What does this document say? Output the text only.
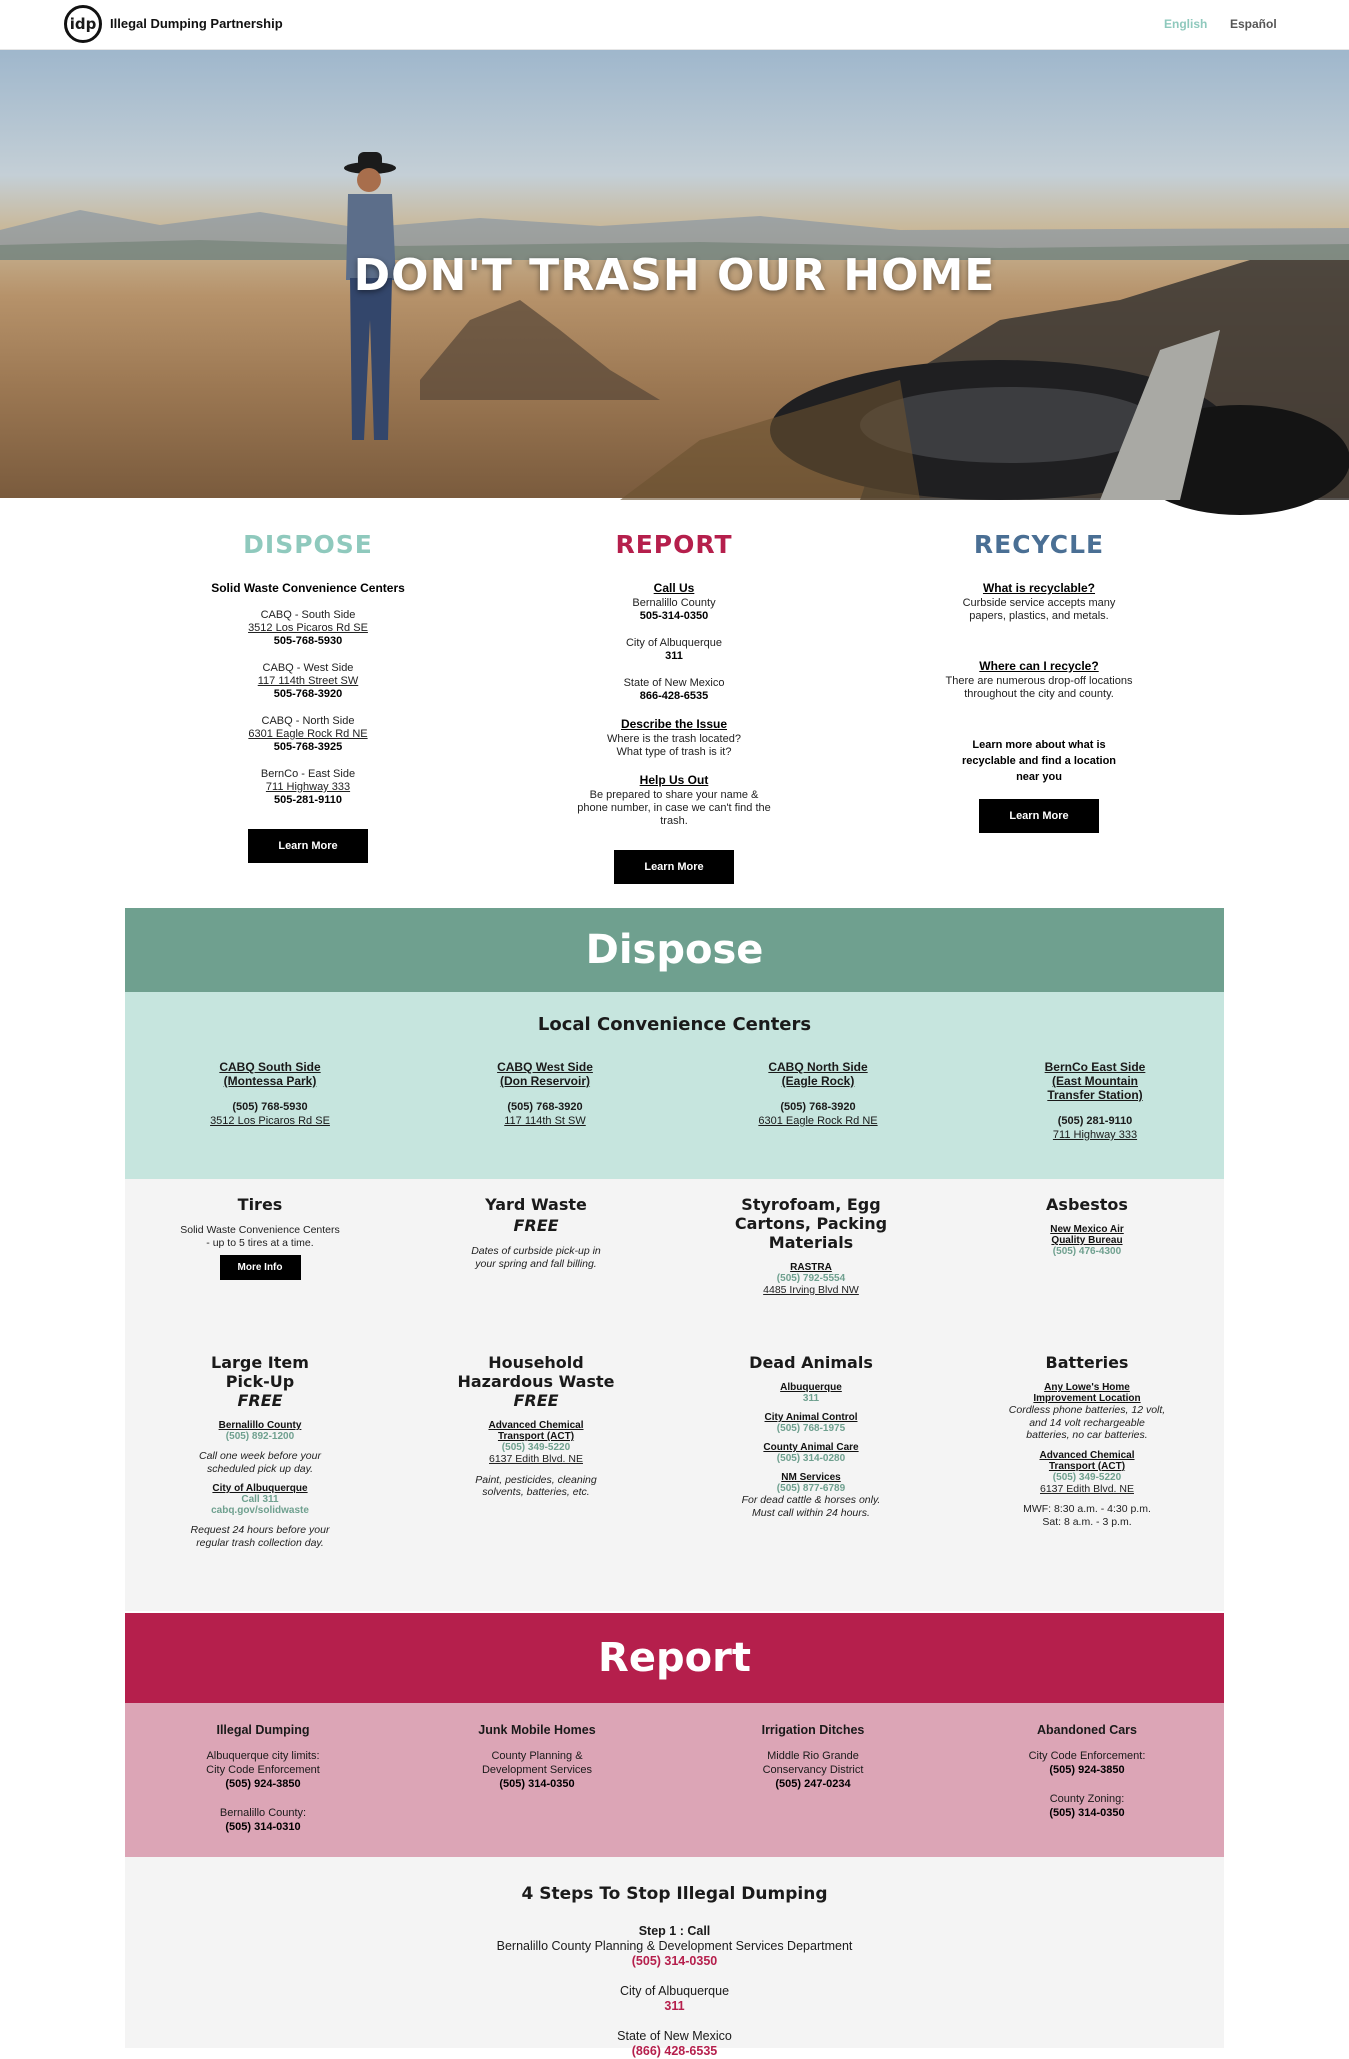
idp Illegal Dumping Partnership	English Español
DON'T TRASH OUR HOME
DISPOSE
Solid Waste Convenience Centers
CABQ - South Side
3512 Los Picaros Rd SE
505-768-5930
CABQ - West Side
117 114th Street SW
505-768-3920
CABQ - North Side
6301 Eagle Rock Rd NE
505-768-3925
BernCo - East Side
711 Highway 333
505-281-9110
Learn More
REPORT
Call Us
Bernalillo County
505-314-0350
City of Albuquerque
311
State of New Mexico
866-428-6535
Describe the Issue
Where is the trash located? What type of trash is it?
Help Us Out
Be prepared to share your name & phone number, in case we can't find the trash.
Learn More
RECYCLE
What is recyclable?
Curbside service accepts many papers, plastics, and metals.
Where can I recycle?
There are numerous drop-off locations throughout the city and county.
Learn more about what is recyclable and find a location near you
Learn More
Dispose
Local Convenience Centers
CABQ South Side (Montessa Park)
(505) 768-5930
3512 Los Picaros Rd SE
CABQ West Side (Don Reservoir)
(505) 768-3920
117 114th St SW
CABQ North Side (Eagle Rock)
(505) 768-3920
6301 Eagle Rock Rd NE
BernCo East Side (East Mountain Transfer Station)
(505) 281-9110
711 Highway 333
Tires
Solid Waste Convenience Centers - up to 5 tires at a time.
More Info
Yard Waste
FREE
Dates of curbside pick-up in your spring and fall billing.
Styrofoam, Egg Cartons, Packing Materials
RASTRA
(505) 792-5554
4485 Irving Blvd NW
Asbestos
New Mexico Air Quality Bureau
(505) 476-4300
Large Item Pick-Up
FREE
Bernalillo County
(505) 892-1200
Call one week before your scheduled pick up day.
City of Albuquerque
Call 311
cabq.gov/solidwaste
Request 24 hours before your regular trash collection day.
Household Hazardous Waste
FREE
Advanced Chemical Transport (ACT)
(505) 349-5220
6137 Edith Blvd. NE
Paint, pesticides, cleaning solvents, batteries, etc.
Dead Animals
Albuquerque
311
City Animal Control
(505) 768-1975
County Animal Care
(505) 314-0280
NM Services
(505) 877-6789
For dead cattle & horses only. Must call within 24 hours.
Batteries
Any Lowe's Home Improvement Location
Cordless phone batteries, 12 volt, and 14 volt rechargeable batteries, no car batteries.
Advanced Chemical Transport (ACT)
(505) 349-5220
6137 Edith Blvd. NE
MWF: 8:30 a.m. - 4:30 p.m.
Sat: 8 a.m. - 3 p.m.
Report
Illegal Dumping
Albuquerque city limits:
City Code Enforcement
(505) 924-3850
Bernalillo County:
(505) 314-0310
Junk Mobile Homes
County Planning &
Development Services
(505) 314-0350
Irrigation Ditches
Middle Rio Grande
Conservancy District
(505) 247-0234
Abandoned Cars
City Code Enforcement:
(505) 924-3850
County Zoning:
(505) 314-0350
4 Steps To Stop Illegal Dumping
Step 1 : Call
Bernalillo County Planning & Development Services Department
(505) 314-0350
City of Albuquerque
311
State of New Mexico
(866) 428-6535
